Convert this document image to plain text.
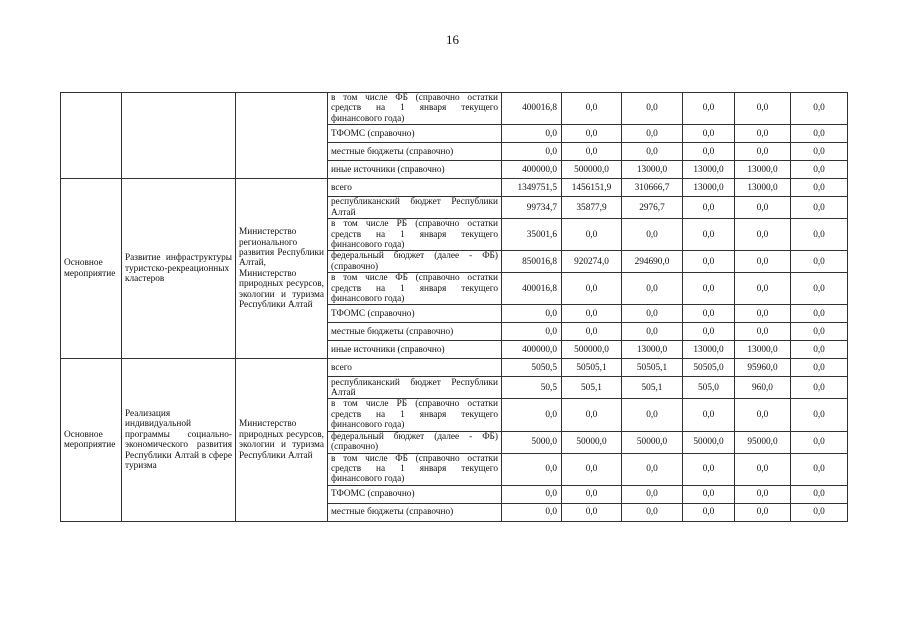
16
			в том числе ФБ (справочно остатки средств на 1 января текущего финансового года)	400016,8	0,0	0,0	0,0	0,0	0,0
			ТФОМС (справочно)	0,0	0,0	0,0	0,0	0,0	0,0
			местные бюджеты (справочно)	0,0	0,0	0,0	0,0	0,0	0,0
			иные источники (справочно)	400000,0	500000,0	13000,0	13000,0	13000,0	0,0
Основное мероприятие	Развитие инфраструктуры туристско-рекреационных кластеров	Министерство регионального развития Республики Алтай, Министерство природных ресурсов, экологии и туризма Республики Алтай	всего	1349751,5	1456151,9	310666,7	13000,0	13000,0	0,0
			республиканский бюджет Республики Алтай	99734,7	35877,9	2976,7	0,0	0,0	0,0
			в том числе РБ (справочно остатки средств на 1 января текущего финансового года)	35001,6	0,0	0,0	0,0	0,0	0,0
			федеральный бюджет (далее - ФБ) (справочно)	850016,8	920274,0	294690,0	0,0	0,0	0,0
			в том числе ФБ (справочно остатки средств на 1 января текущего финансового года)	400016,8	0,0	0,0	0,0	0,0	0,0
			ТФОМС (справочно)	0,0	0,0	0,0	0,0	0,0	0,0
			местные бюджеты (справочно)	0,0	0,0	0,0	0,0	0,0	0,0
			иные источники (справочно)	400000,0	500000,0	13000,0	13000,0	13000,0	0,0
Основное мероприятие	Реализация индивидуальной программы социально-экономического развития Республики Алтай в сфере туризма	Министерство природных ресурсов, экологии и туризма Республики Алтай	всего	5050,5	50505,1	50505,1	50505,0	95960,0	0,0
			республиканский бюджет Республики Алтай	50,5	505,1	505,1	505,0	960,0	0,0
			в том числе РБ (справочно остатки средств на 1 января текущего финансового года)	0,0	0,0	0,0	0,0	0,0	0,0
			федеральный бюджет (далее - ФБ) (справочно)	5000,0	50000,0	50000,0	50000,0	95000,0	0,0
			в том числе ФБ (справочно остатки средств на 1 января текущего финансового года)	0,0	0,0	0,0	0,0	0,0	0,0
			ТФОМС (справочно)	0,0	0,0	0,0	0,0	0,0	0,0
			местные бюджеты (справочно)	0,0	0,0	0,0	0,0	0,0	0,0
